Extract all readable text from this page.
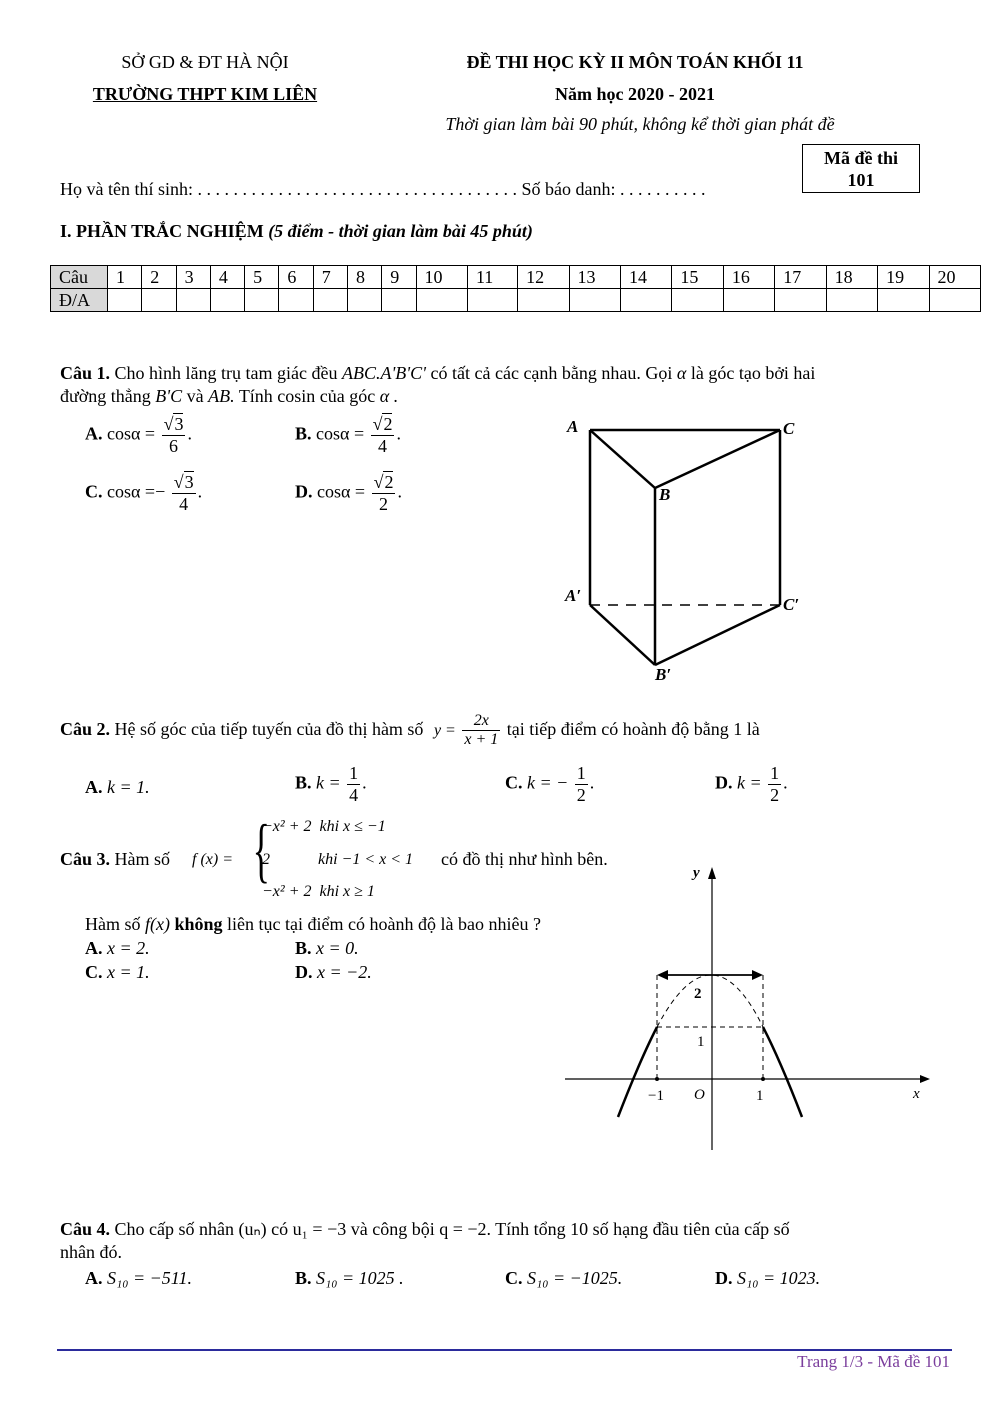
SỞ GD & ĐT HÀ NỘI
TRƯỜNG THPT KIM LIÊN
ĐỀ THI HỌC KỲ II MÔN TOÁN KHỐI 11
Năm học 2020 - 2021
Thời gian làm bài 90 phút, không kể thời gian phát đề
Họ và tên thí sinh: . . . . . . . . . . . . . . . . . . . . . . . . . . . . . . . . . . . . Số báo danh: . . . . . . . . . .
Mã đề thi
101
I. PHẦN TRẮC NGHIỆM (5 điểm - thời gian làm bài 45 phút)
Câu	1	2	3	4	5	6	7	8	9	10	11	12	13	14	15	16	17	18	19	20
Đ/A																				
Câu 1. Cho hình lăng trụ tam giác đều ABC.A'B'C' có tất cả các cạnh bằng nhau. Gọi α là góc tạo bởi hai
đường thẳng B'C và AB. Tính cosin của góc α .
A. $\cos\alpha = \frac{√3}{6}$ .	B. $\cos\alpha = \frac{√2}{4}$ .
C. $\cos\alpha =- \frac{√3}{4}$ .	D. $\cos\alpha = \frac{√2}{2}$ .
A	C
B
A′	C′
B′
Câu 2. Hệ số góc của tiếp tuyến của đồ thị hàm số $y = \frac{2x}{x + 1}$ tại tiếp điểm có hoành độ bằng 1 là
A. k = 1.	B. $k = \frac{1}{4}$ .	C. k = − $\frac{1}{2}$ .	D. $k = \frac{1}{2}$ .
Câu 3. Hàm số f (x) = {
−x² + 2  khi x ≤ −1
2            khi −1 < x < 1
−x² + 2  khi x ≥ 1
có đồ thị như hình bên.
Hàm số f(x) không liên tục tại điểm có hoành độ là bao nhiêu ?
A. x = 2.	B. x = 0.
C. x = 1.	D. x = −2.
y
x
O	1
−1
2
1
Câu 4. Cho cấp số nhân (uₙ) có u₁ = −3 và công bội q = −2. Tính tổng 10 số hạng đầu tiên của cấp số
nhân đó.
A. S₁₀ = −511.	B. S₁₀ = 1025 .	C. S₁₀ = −1025.	D. S₁₀ = 1023.
Trang 1/3 - Mã đề 101
